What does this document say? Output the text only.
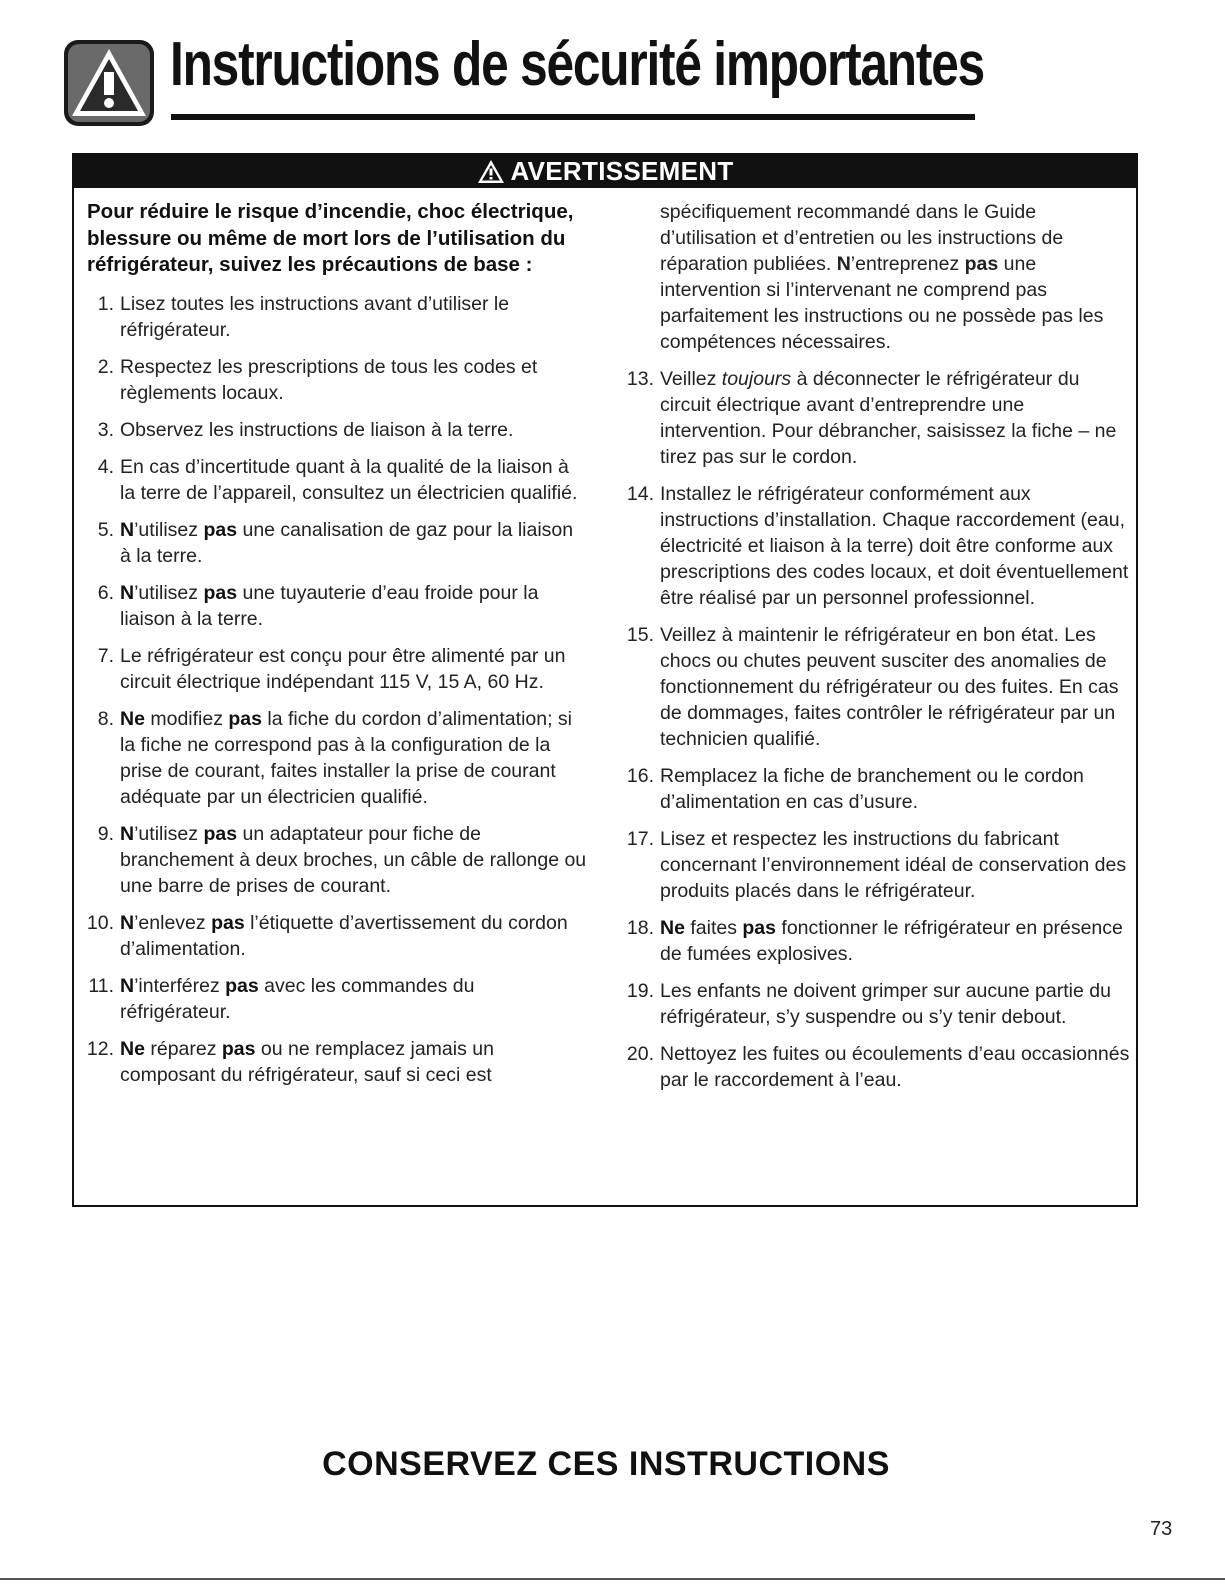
Instructions de sécurité importantes
AVERTISSEMENT

Pour réduire le risque d’incendie, choc électrique, blessure ou même de mort lors de l’utilisation du réfrigérateur, suivez les précautions de base :

1. Lisez toutes les instructions avant d’utiliser le réfrigérateur.
2. Respectez les prescriptions de tous les codes et règlements locaux.
3. Observez les instructions de liaison à la terre.
4. En cas d’incertitude quant à la qualité de la liaison à la terre de l’appareil, consultez un électricien qualifié.
5. N’utilisez pas une canalisation de gaz pour la liaison à la terre.
6. N’utilisez pas une tuyauterie d’eau froide pour la liaison à la terre.
7. Le réfrigérateur est conçu pour être alimenté par un circuit électrique indépendant 115 V, 15 A, 60 Hz.
8. Ne modifiez pas la fiche du cordon d’alimentation; si la fiche ne correspond pas à la configuration de la prise de courant, faites installer la prise de courant adéquate par un électricien qualifié.
9. N’utilisez pas un adaptateur pour fiche de branchement à deux broches, un câble de rallonge ou une barre de prises de courant.
10. N’enlevez pas l’étiquette d’avertissement du cordon d’alimentation.
11. N’interférez pas avec les commandes du réfrigérateur.
12. Ne réparez pas ou ne remplacez jamais un composant du réfrigérateur, sauf si ceci est

spécifiquement recommandé dans le Guide d’utilisation et d’entretien ou les instructions de réparation publiées. N’entreprenez pas une intervention si l’intervenant ne comprend pas parfaitement les instructions ou ne possède pas les compétences nécessaires.

13. Veillez toujours à déconnecter le réfrigérateur du circuit électrique avant d’entreprendre une intervention. Pour débrancher, saisissez la fiche – ne tirez pas sur le cordon.
14. Installez le réfrigérateur conformément aux instructions d’installation. Chaque raccordement (eau, électricité et liaison à la terre) doit être conforme aux prescriptions des codes locaux, et doit éventuellement être réalisé par un personnel professionnel.
15. Veillez à maintenir le réfrigérateur en bon état. Les chocs ou chutes peuvent susciter des anomalies de fonctionnement du réfrigérateur ou des fuites. En cas de dommages, faites contrôler le réfrigérateur par un technicien qualifié.
16. Remplacez la fiche de branchement ou le cordon d’alimentation en cas d’usure.
17. Lisez et respectez les instructions du fabricant concernant l’environnement idéal de conservation des produits placés dans le réfrigérateur.
18. Ne faites pas fonctionner le réfrigérateur en présence de fumées explosives.
19. Les enfants ne doivent grimper sur aucune partie du réfrigérateur, s’y suspendre ou s’y tenir debout.
20. Nettoyez les fuites ou écoulements d’eau occasionnés par le raccordement à l’eau.
CONSERVEZ CES INSTRUCTIONS
73
